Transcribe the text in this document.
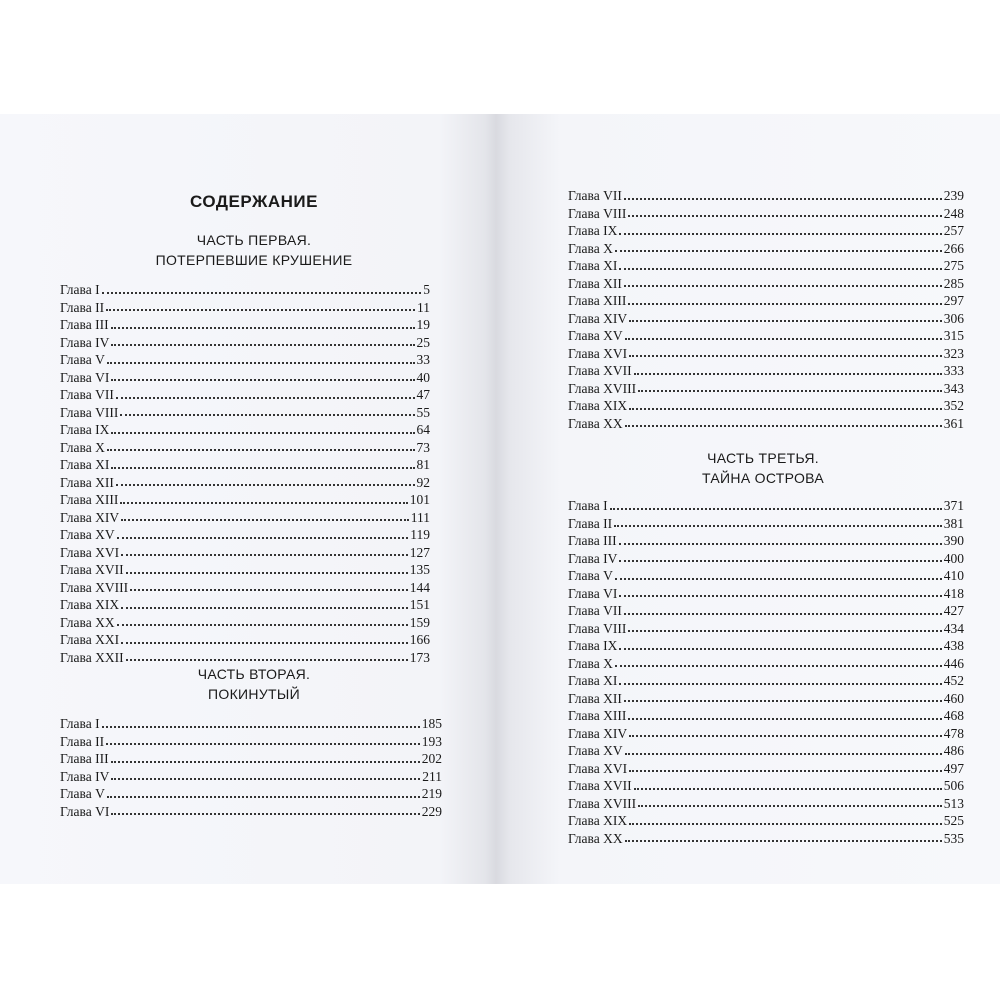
СОДЕРЖАНИЕ
ЧАСТЬ ПЕРВАЯ.
ПОТЕРПЕВШИЕ КРУШЕНИЕ
Глава I	5
Глава II	11
Глава III	19
Глава IV	25
Глава V	33
Глава VI	40
Глава VII	47
Глава VIII	55
Глава IX	64
Глава X	73
Глава XI	81
Глава XII	92
Глава XIII	101
Глава XIV	111
Глава XV	119
Глава XVI	127
Глава XVII	135
Глава XVIII	144
Глава XIX	151
Глава XX	159
Глава XXI	166
Глава XXII	173
ЧАСТЬ ВТОРАЯ.
ПОКИНУТЫЙ
Глава I	185
Глава II	193
Глава III	202
Глава IV	211
Глава V	219
Глава VI	229
Глава VII	239
Глава VIII	248
Глава IX	257
Глава X	266
Глава XI	275
Глава XII	285
Глава XIII	297
Глава XIV	306
Глава XV	315
Глава XVI	323
Глава XVII	333
Глава XVIII	343
Глава XIX	352
Глава XX	361
ЧАСТЬ ТРЕТЬЯ.
ТАЙНА ОСТРОВА
Глава I	371
Глава II	381
Глава III	390
Глава IV	400
Глава V	410
Глава VI	418
Глава VII	427
Глава VIII	434
Глава IX	438
Глава X	446
Глава XI	452
Глава XII	460
Глава XIII	468
Глава XIV	478
Глава XV	486
Глава XVI	497
Глава XVII	506
Глава XVIII	513
Глава XIX	525
Глава XX	535
